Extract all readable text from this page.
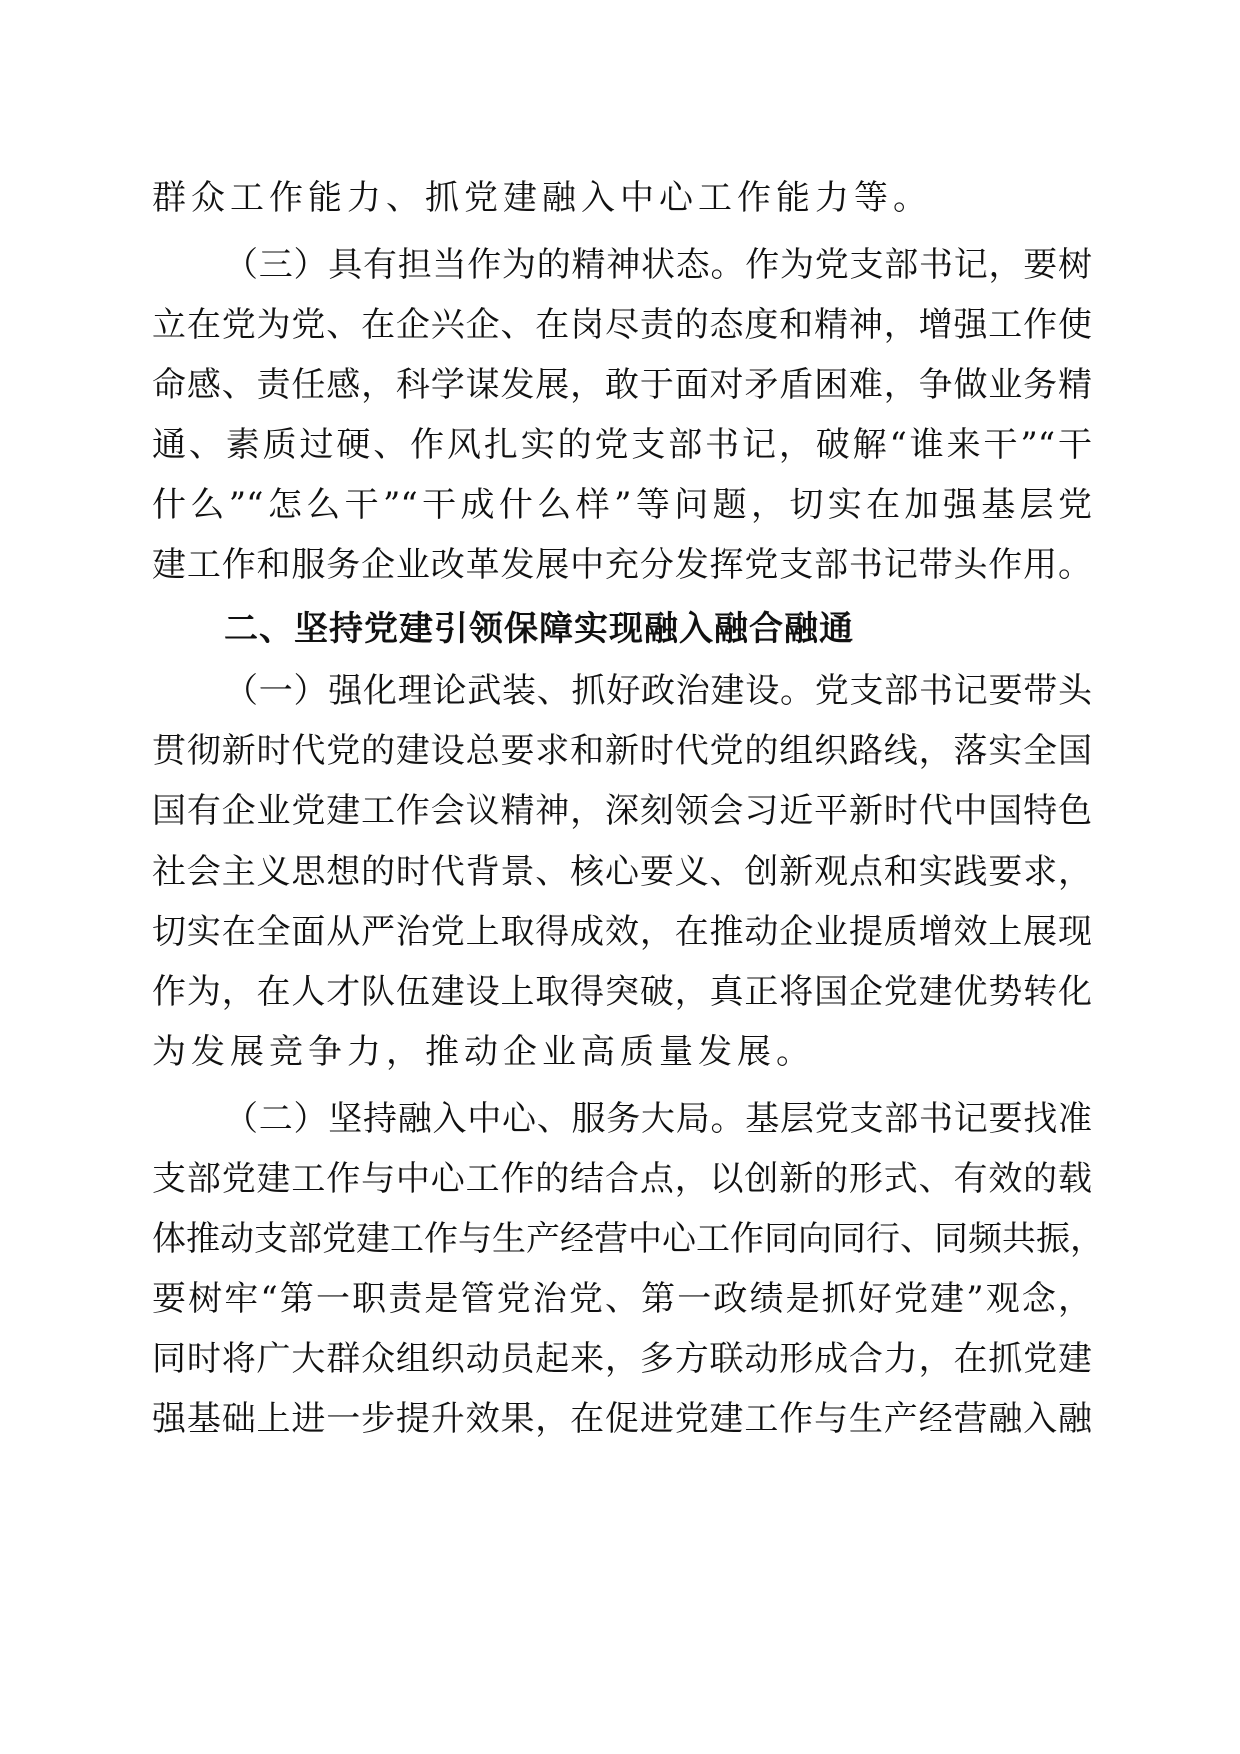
群众工作能力、抓党建融入中心工作能力等。
（三）具有担当作为的精神状态。作为党支部书记，要树
立在党为党、在企兴企、在岗尽责的态度和精神，增强工作使
命感、责任感，科学谋发展，敢于面对矛盾困难，争做业务精
通、素质过硬、作风扎实的党支部书记，破解“谁来干”“干
什么”“怎么干”“干成什么样”等问题，切实在加强基层党
建工作和服务企业改革发展中充分发挥党支部书记带头作用。
二、坚持党建引领保障实现融入融合融通
（一）强化理论武装、抓好政治建设。党支部书记要带头
贯彻新时代党的建设总要求和新时代党的组织路线，落实全国
国有企业党建工作会议精神，深刻领会习近平新时代中国特色
社会主义思想的时代背景、核心要义、创新观点和实践要求，
切实在全面从严治党上取得成效，在推动企业提质增效上展现
作为，在人才队伍建设上取得突破，真正将国企党建优势转化
为发展竞争力，推动企业高质量发展。
（二）坚持融入中心、服务大局。基层党支部书记要找准
支部党建工作与中心工作的结合点，以创新的形式、有效的载
体推动支部党建工作与生产经营中心工作同向同行、同频共振，
要树牢“第一职责是管党治党、第一政绩是抓好党建”观念，
同时将广大群众组织动员起来，多方联动形成合力，在抓党建
强基础上进一步提升效果，在促进党建工作与生产经营融入融
